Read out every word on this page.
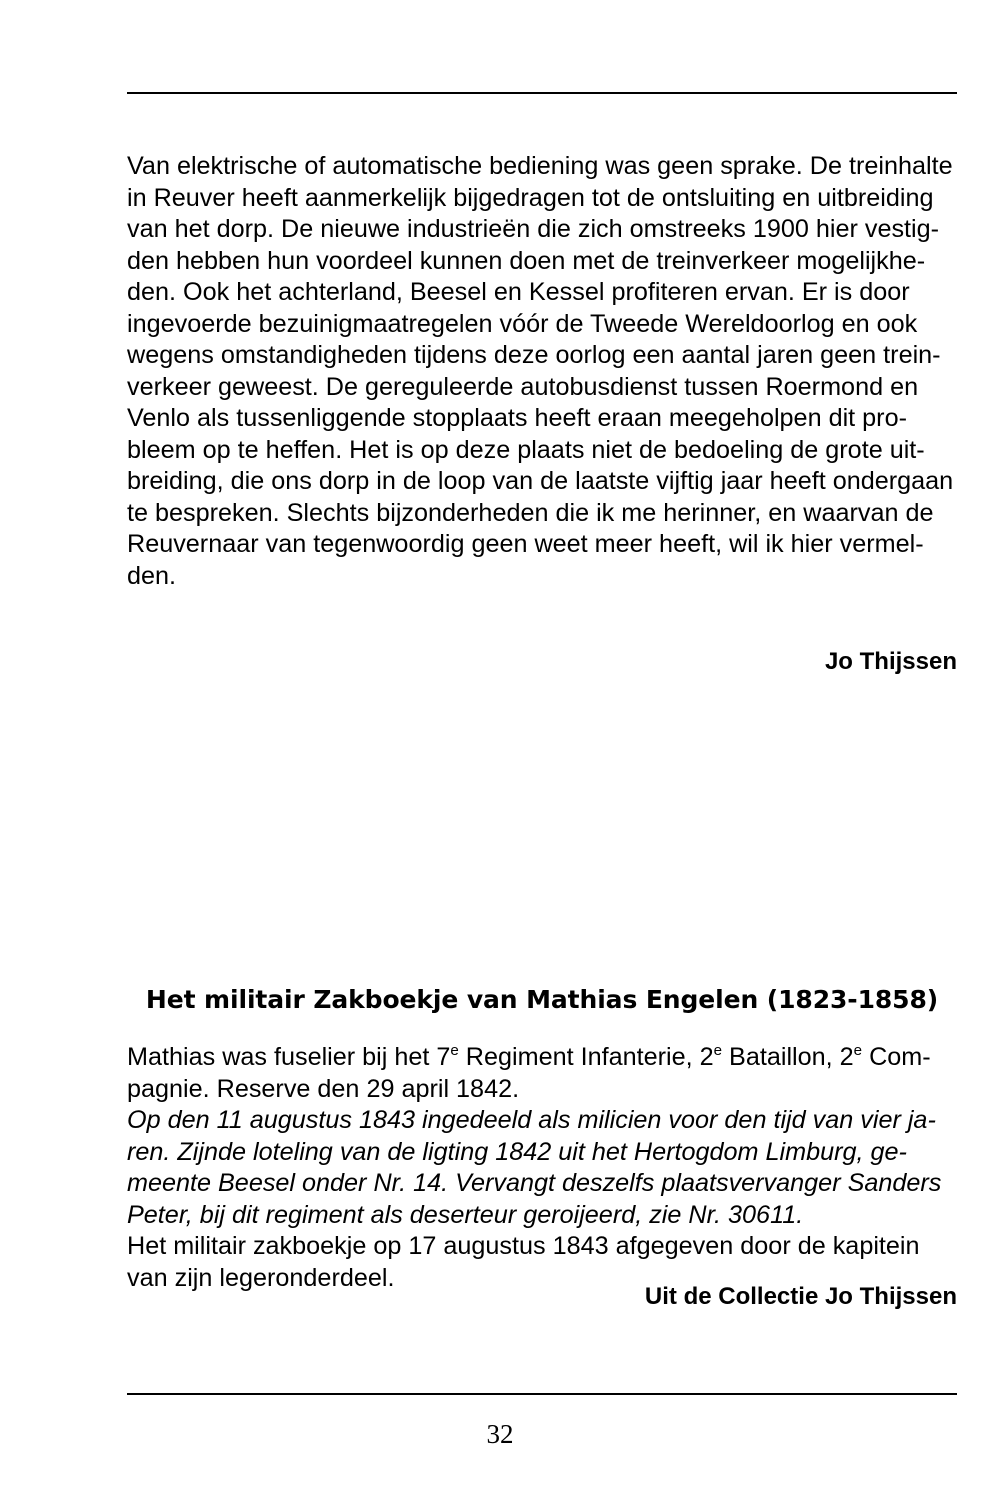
Van elektrische of automatische bediening was geen sprake. De treinhalte
in Reuver heeft aanmerkelijk bijgedragen tot de ontsluiting en uitbreiding
van het dorp. De nieuwe industrieën die zich omstreeks 1900 hier vestig-
den hebben hun voordeel kunnen doen met de treinverkeer mogelijkhe-
den. Ook het achterland, Beesel en Kessel profiteren ervan. Er is door
ingevoerde bezuinigmaatregelen vóór de Tweede Wereldoorlog en ook
wegens omstandigheden tijdens deze oorlog een aantal jaren geen trein-
verkeer geweest. De gereguleerde autobusdienst tussen Roermond en
Venlo als tussenliggende stopplaats heeft eraan meegeholpen dit pro-
bleem op te heffen. Het is op deze plaats niet de bedoeling de grote uit-
breiding, die ons dorp in de loop van de laatste vijftig jaar heeft ondergaan
te bespreken. Slechts bijzonderheden die ik me herinner, en waarvan de
Reuvernaar van tegenwoordig geen weet meer heeft, wil ik hier vermel-
den.

Jo Thijssen
Het militair Zakboekje van Mathias Engelen (1823-1858)

Mathias was fuselier bij het 7e Regiment Infanterie, 2e Bataillon, 2e Com-
pagnie. Reserve den 29 april 1842.
Op den 11 augustus 1843 ingedeeld als milicien voor den tijd van vier ja-
ren. Zijnde loteling van de ligting 1842 uit het Hertogdom Limburg, ge-
meente Beesel onder Nr. 14. Vervangt deszelfs plaatsvervanger Sanders
Peter, bij dit regiment als deserteur geroijeerd, zie Nr. 30611.
Het militair zakboekje op 17 augustus 1843 afgegeven door de kapitein
van zijn legeronderdeel.

Uit de Collectie Jo Thijssen
32
